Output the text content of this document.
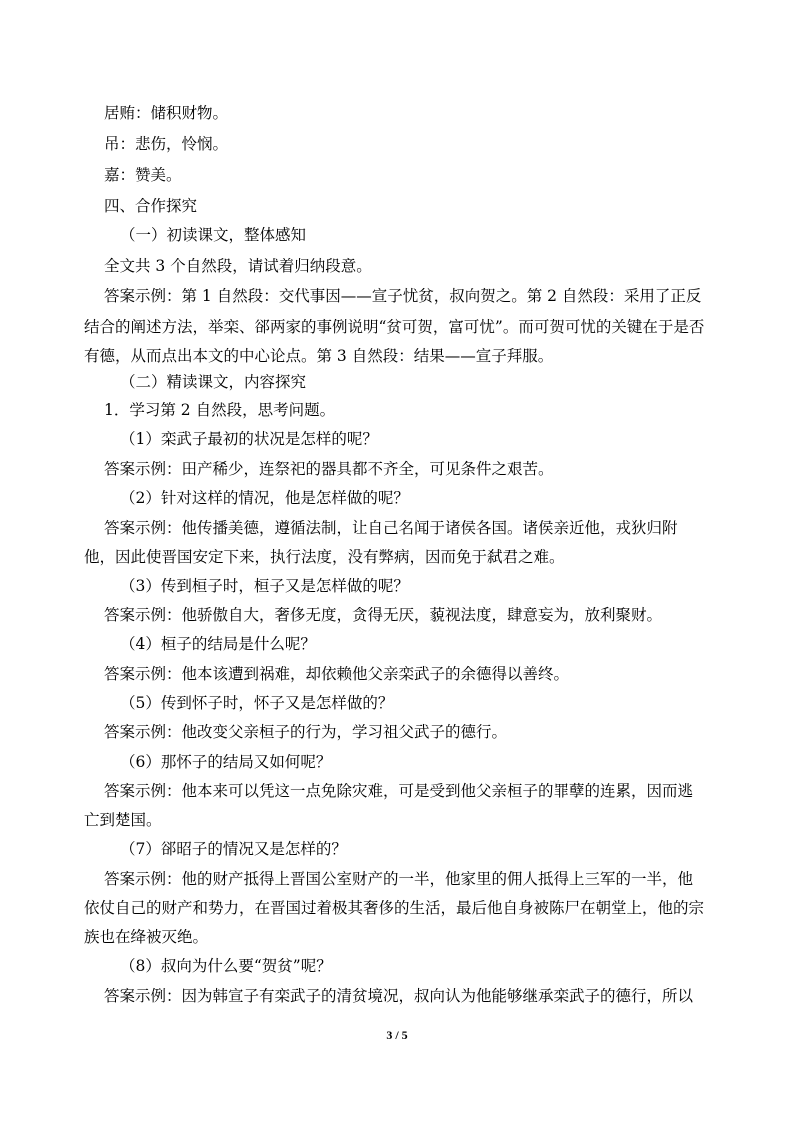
居贿：储积财物。
吊：悲伤，怜悯。
嘉：赞美。
四、合作探究
（一）初读课文，整体感知
全文共 3 个自然段，请试着归纳段意。
答案示例：第 1 自然段：交代事因——宣子忧贫，叔向贺之。第 2 自然段：采用了正反
结合的阐述方法，举栾、郤两家的事例说明“贫可贺，富可忧”。而可贺可忧的关键在于是否
有德，从而点出本文的中心论点。第 3 自然段：结果——宣子拜服。
（二）精读课文，内容探究
1．学习第 2 自然段，思考问题。
（1）栾武子最初的状况是怎样的呢？
答案示例：田产稀少，连祭祀的器具都不齐全，可见条件之艰苦。
（2）针对这样的情况，他是怎样做的呢？
答案示例：他传播美德，遵循法制，让自己名闻于诸侯各国。诸侯亲近他，戎狄归附
他，因此使晋国安定下来，执行法度，没有弊病，因而免于弑君之难。
（3）传到桓子时，桓子又是怎样做的呢？
答案示例：他骄傲自大，奢侈无度，贪得无厌，藐视法度，肆意妄为，放利聚财。
（4）桓子的结局是什么呢？
答案示例：他本该遭到祸难，却依赖他父亲栾武子的余德得以善终。
（5）传到怀子时，怀子又是怎样做的？
答案示例：他改变父亲桓子的行为，学习祖父武子的德行。
（6）那怀子的结局又如何呢？
答案示例：他本来可以凭这一点免除灾难，可是受到他父亲桓子的罪孽的连累，因而逃
亡到楚国。
（7）郤昭子的情况又是怎样的？
答案示例：他的财产抵得上晋国公室财产的一半，他家里的佣人抵得上三军的一半，他
依仗自己的财产和势力，在晋国过着极其奢侈的生活，最后他自身被陈尸在朝堂上，他的宗
族也在绛被灭绝。
（8）叔向为什么要“贺贫”呢？
答案示例：因为韩宣子有栾武子的清贫境况，叔向认为他能够继承栾武子的德行，所以
3 / 5
